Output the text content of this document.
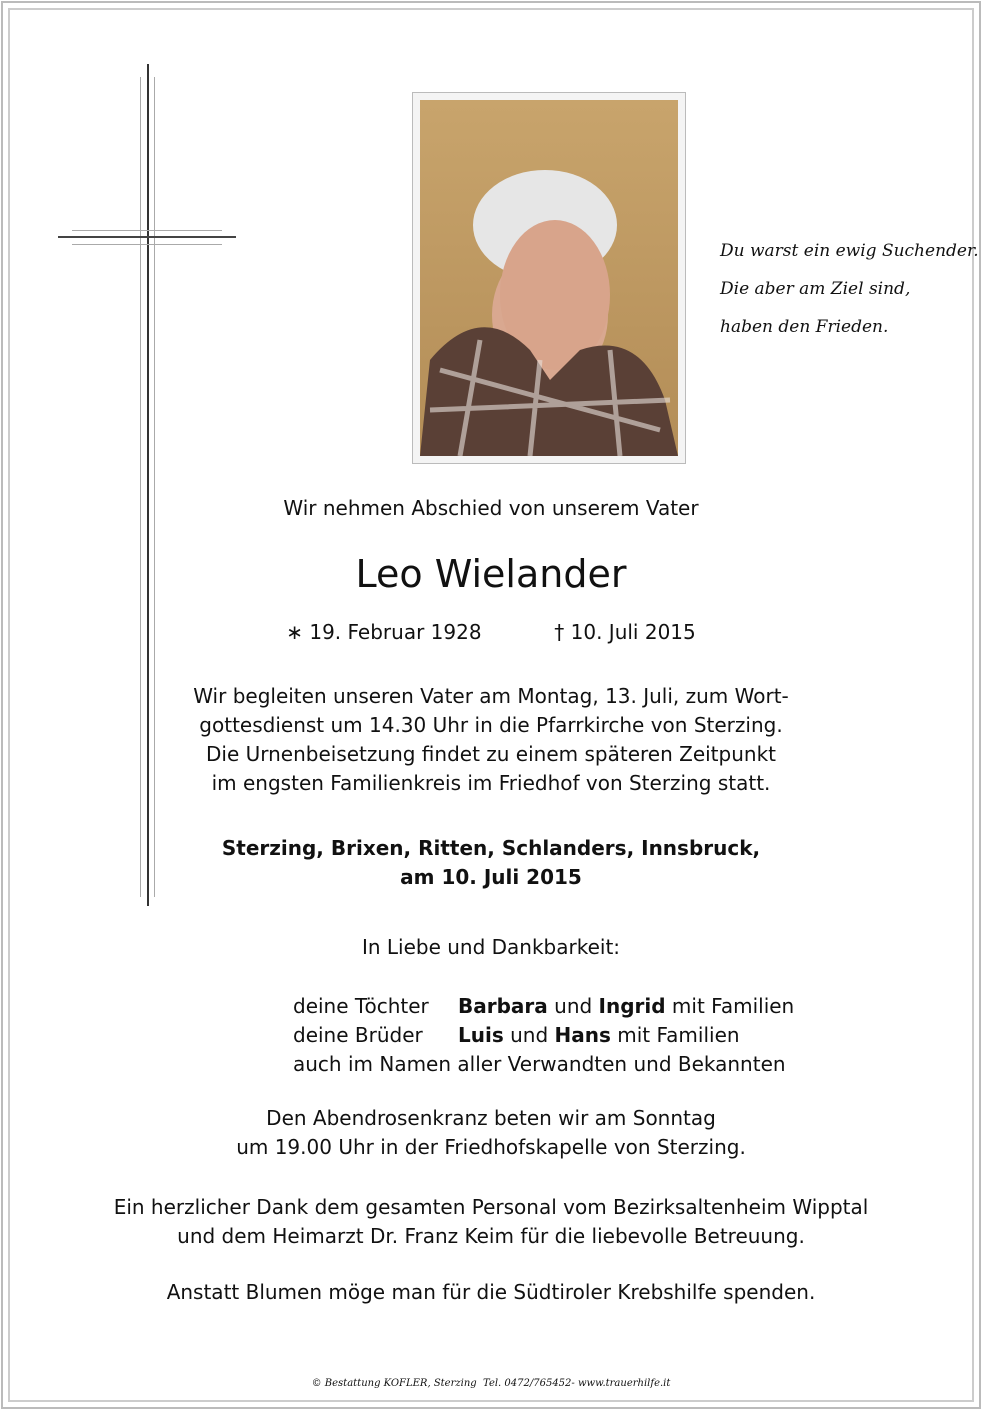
Du warst ein ewig Suchender.
Die aber am Ziel sind,
haben den Frieden.
Wir nehmen Abschied von unserem Vater
Leo Wielander
∗ 19. Februar 1928	† 10. Juli 2015
Wir begleiten unseren Vater am Montag, 13. Juli, zum Wort-
gottesdienst um 14.30 Uhr in die Pfarrkirche von Sterzing.
Die Urnenbeisetzung findet zu einem späteren Zeitpunkt
im engsten Familienkreis im Friedhof von Sterzing statt.
Sterzing, Brixen, Ritten, Schlanders, Innsbruck,
am 10. Juli 2015
In Liebe und Dankbarkeit:
deine Töchter Barbara und Ingrid mit Familien
deine Brüder Luis und Hans mit Familien
auch im Namen aller Verwandten und Bekannten
Den Abendrosenkranz beten wir am Sonntag
um 19.00 Uhr in der Friedhofskapelle von Sterzing.
Ein herzlicher Dank dem gesamten Personal vom Bezirksaltenheim Wipptal
und dem Heimarzt Dr. Franz Keim für die liebevolle Betreuung.
Anstatt Blumen möge man für die Südtiroler Krebshilfe spenden.
© Bestattung KOFLER, Sterzing  Tel. 0472/765452- www.trauerhilfe.it
